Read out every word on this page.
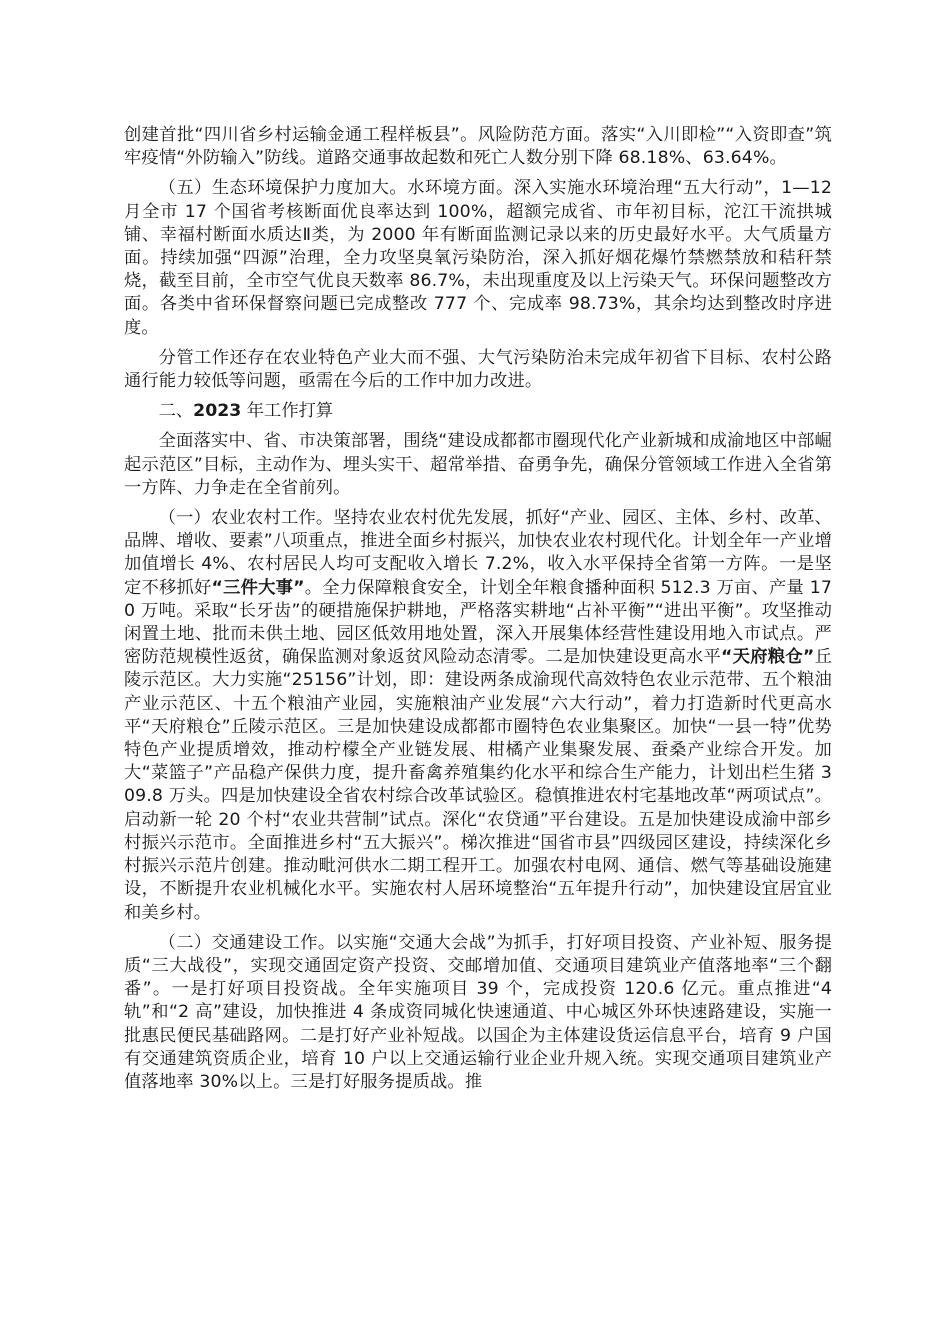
创建首批“四川省乡村运输金通工程样板县”。风险防范方面。落实“入川即检”“入资即查”筑牢疫情“外防输入”防线。道路交通事故起数和死亡人数分别下降 68.18%、63.64%。

（五）生态环境保护力度加大。水环境方面。深入实施水环境治理“五大行动”，1—12 月全市 17 个国省考核断面优良率达到 100%，超额完成省、市年初目标，沱江干流拱城铺、幸福村断面水质达Ⅱ类，为 2000 年有断面监测记录以来的历史最好水平。大气质量方面。持续加强“四源”治理，全力攻坚臭氧污染防治，深入抓好烟花爆竹禁燃禁放和秸秆禁烧，截至目前，全市空气优良天数率 86.7%，未出现重度及以上污染天气。环保问题整改方面。各类中省环保督察问题已完成整改 777 个、完成率 98.73%，其余均达到整改时序进度。

分管工作还存在农业特色产业大而不强、大气污染防治未完成年初省下目标、农村公路通行能力较低等问题，亟需在今后的工作中加力改进。

二、2023 年工作打算

全面落实中、省、市决策部署，围绕“建设成都都市圈现代化产业新城和成渝地区中部崛起示范区”目标，主动作为、埋头实干、超常举措、奋勇争先，确保分管领域工作进入全省第一方阵、力争走在全省前列。

（一）农业农村工作。坚持农业农村优先发展，抓好“产业、园区、主体、乡村、改革、品牌、增收、要素”八项重点，推进全面乡村振兴，加快农业农村现代化。计划全年一产业增加值增长 4%、农村居民人均可支配收入增长 7.2%，收入水平保持全省第一方阵。一是坚定不移抓好“三件大事”。全力保障粮食安全，计划全年粮食播种面积 512.3 万亩、产量 170 万吨。采取“长牙齿”的硬措施保护耕地，严格落实耕地“占补平衡”“进出平衡”。攻坚推动闲置土地、批而未供土地、园区低效用地处置，深入开展集体经营性建设用地入市试点。严密防范规模性返贫，确保监测对象返贫风险动态清零。二是加快建设更高水平“天府粮仓”丘陵示范区。大力实施“25156”计划，即：建设两条成渝现代高效特色农业示范带、五个粮油产业示范区、十五个粮油产业园，实施粮油产业发展“六大行动”，着力打造新时代更高水平“天府粮仓”丘陵示范区。三是加快建设成都都市圈特色农业集聚区。加快“一县一特”优势特色产业提质增效，推动柠檬全产业链发展、柑橘产业集聚发展、蚕桑产业综合开发。加大“菜篮子”产品稳产保供力度，提升畜禽养殖集约化水平和综合生产能力，计划出栏生猪 309.8 万头。四是加快建设全省农村综合改革试验区。稳慎推进农村宅基地改革“两项试点”。启动新一轮 20 个村“农业共营制”试点。深化“农贷通”平台建设。五是加快建设成渝中部乡村振兴示范市。全面推进乡村“五大振兴”。梯次推进“国省市县”四级园区建设，持续深化乡村振兴示范片创建。推动毗河供水二期工程开工。加强农村电网、通信、燃气等基础设施建设，不断提升农业机械化水平。实施农村人居环境整治“五年提升行动”，加快建设宜居宜业和美乡村。

（二）交通建设工作。以实施“交通大会战”为抓手，打好项目投资、产业补短、服务提质“三大战役”，实现交通固定资产投资、交邮增加值、交通项目建筑业产值落地率“三个翻番”。一是打好项目投资战。全年实施项目 39 个，完成投资 120.6 亿元。重点推进“4 轨”和“2 高”建设，加快推进 4 条成资同城化快速通道、中心城区外环快速路建设，实施一批惠民便民基础路网。二是打好产业补短战。以国企为主体建设货运信息平台，培育 9 户国有交通建筑资质企业，培育 10 户以上交通运输行业企业升规入统。实现交通项目建筑业产值落地率 30%以上。三是打好服务提质战。推
